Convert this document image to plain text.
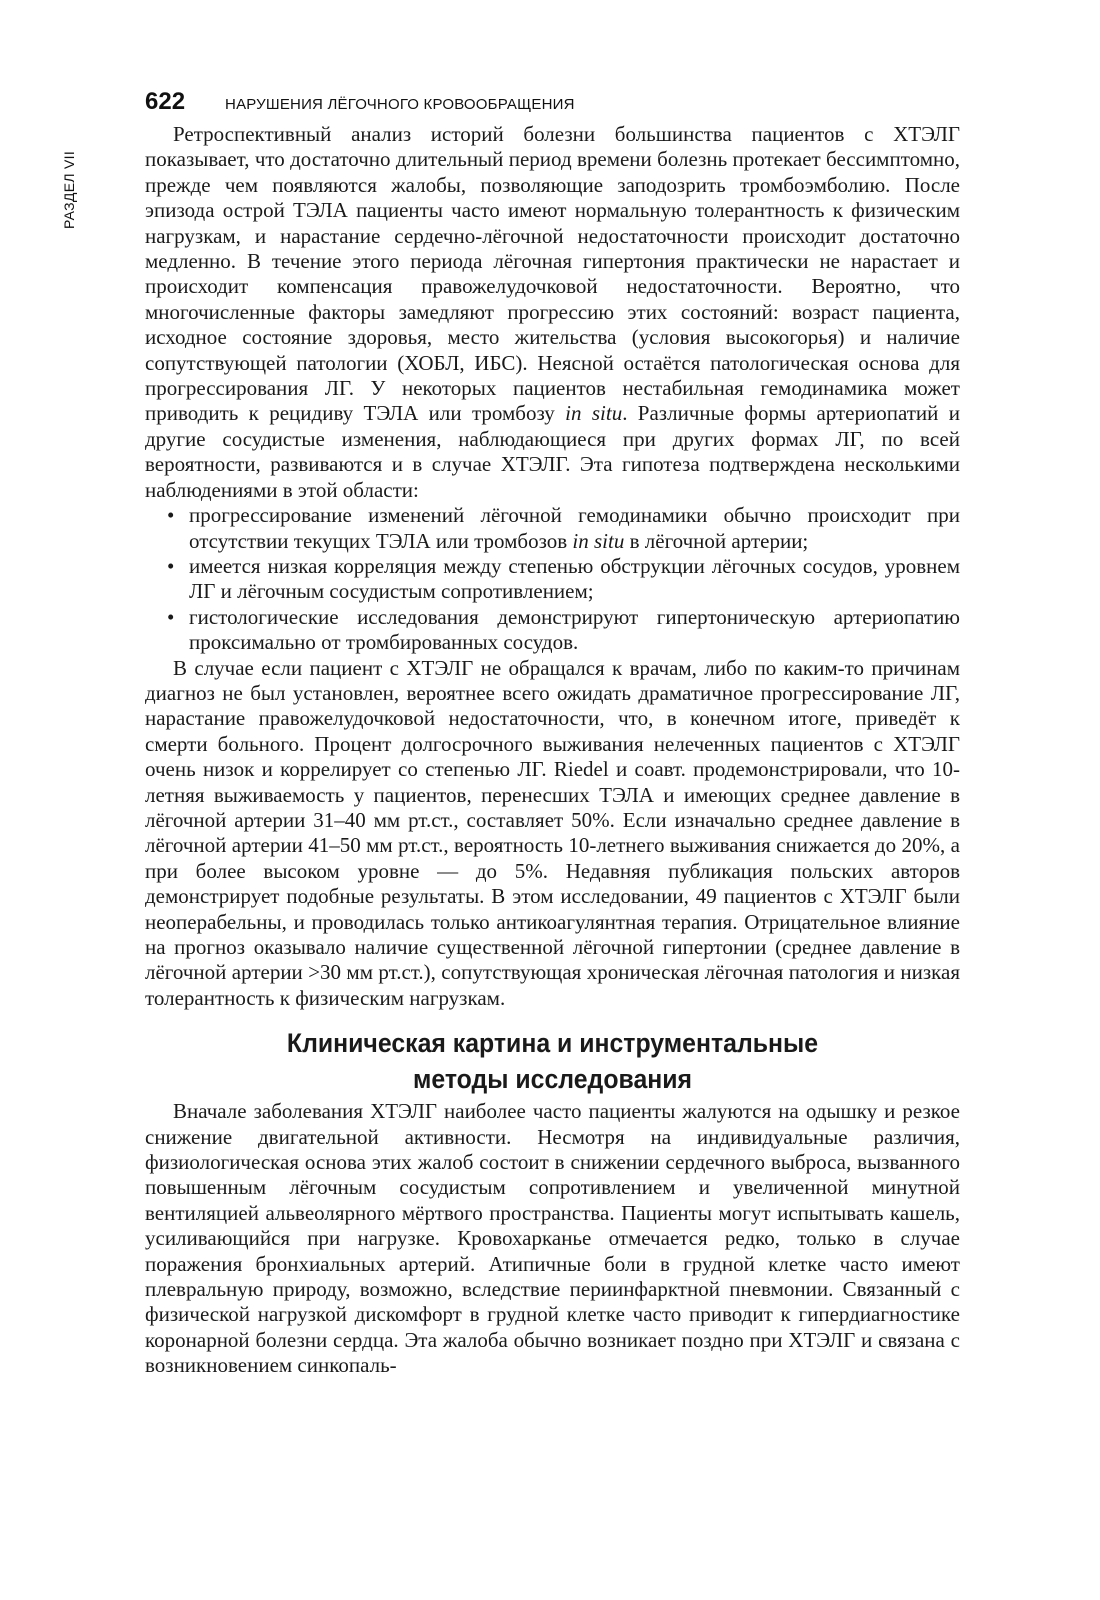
РАЗДЕЛ VII
622	НАРУШЕНИЯ ЛЁГОЧНОГО КРОВООБРАЩЕНИЯ

Ретроспективный анализ историй болезни большинства пациентов с ХТЭЛГ показывает, что достаточно длительный период времени болезнь протекает бессимптомно, прежде чем появляются жалобы, позволяющие заподозрить тромбоэмболию. После эпизода острой ТЭЛА пациенты часто имеют нормальную толерантность к физическим нагрузкам, и нарастание сердечно-лёгочной недостаточности происходит достаточно медленно. В течение этого периода лёгочная гипертония практически не нарастает и происходит компенсация правожелудочковой недостаточности. Вероятно, что многочисленные факторы замедляют прогрессию этих состояний: возраст пациента, исходное состояние здоровья, место жительства (условия высокогорья) и наличие сопутствующей патологии (ХОБЛ, ИБС). Неясной остаётся патологическая основа для прогрессирования ЛГ. У некоторых пациентов нестабильная гемодинамика может приводить к рецидиву ТЭЛА или тромбозу in situ. Различные формы артериопатий и другие сосудистые изменения, наблюдающиеся при других формах ЛГ, по всей вероятности, развиваются и в случае ХТЭЛГ. Эта гипотеза подтверждена несколькими наблюдениями в этой области:

• прогрессирование изменений лёгочной гемодинамики обычно происходит при отсутствии текущих ТЭЛА или тромбозов in situ в лёгочной артерии;
• имеется низкая корреляция между степенью обструкции лёгочных сосудов, уровнем ЛГ и лёгочным сосудистым сопротивлением;
• гистологические исследования демонстрируют гипертоническую артериопатию проксимально от тромбированных сосудов.

В случае если пациент с ХТЭЛГ не обращался к врачам, либо по каким-то причинам диагноз не был установлен, вероятнее всего ожидать драматичное прогрессирование ЛГ, нарастание правожелудочковой недостаточности, что, в конечном итоге, приведёт к смерти больного. Процент долгосрочного выживания нелеченных пациентов с ХТЭЛГ очень низок и коррелирует со степенью ЛГ. Riedel и соавт. продемонстрировали, что 10-летняя выживаемость у пациентов, перенесших ТЭЛА и имеющих среднее давление в лёгочной артерии 31–40 мм рт.ст., составляет 50%. Если изначально среднее давление в лёгочной артерии 41–50 мм рт.ст., вероятность 10-летнего выживания снижается до 20%, а при более высоком уровне — до 5%. Недавняя публикация польских авторов демонстрирует подобные результаты. В этом исследовании, 49 пациентов с ХТЭЛГ были неоперабельны, и проводилась только антикоагулянтная терапия. Отрицательное влияние на прогноз оказывало наличие существенной лёгочной гипертонии (среднее давление в лёгочной артерии >30 мм рт.ст.), сопутствующая хроническая лёгочная патология и низкая толерантность к физическим нагрузкам.

Клиническая картина и инструментальные
методы исследования

Вначале заболевания ХТЭЛГ наиболее часто пациенты жалуются на одышку и резкое снижение двигательной активности. Несмотря на индивидуальные различия, физиологическая основа этих жалоб состоит в снижении сердечного выброса, вызванного повышенным лёгочным сосудистым сопротивлением и увеличенной минутной вентиляцией альвеолярного мёртвого пространства. Пациенты могут испытывать кашель, усиливающийся при нагрузке. Кровохарканье отмечается редко, только в случае поражения бронхиальных артерий. Атипичные боли в грудной клетке часто имеют плевральную природу, возможно, вследствие периинфарктной пневмонии. Связанный с физической нагрузкой дискомфорт в грудной клетке часто приводит к гипердиагностике коронарной болезни сердца. Эта жалоба обычно возникает поздно при ХТЭЛГ и связана с возникновением синкопаль-
